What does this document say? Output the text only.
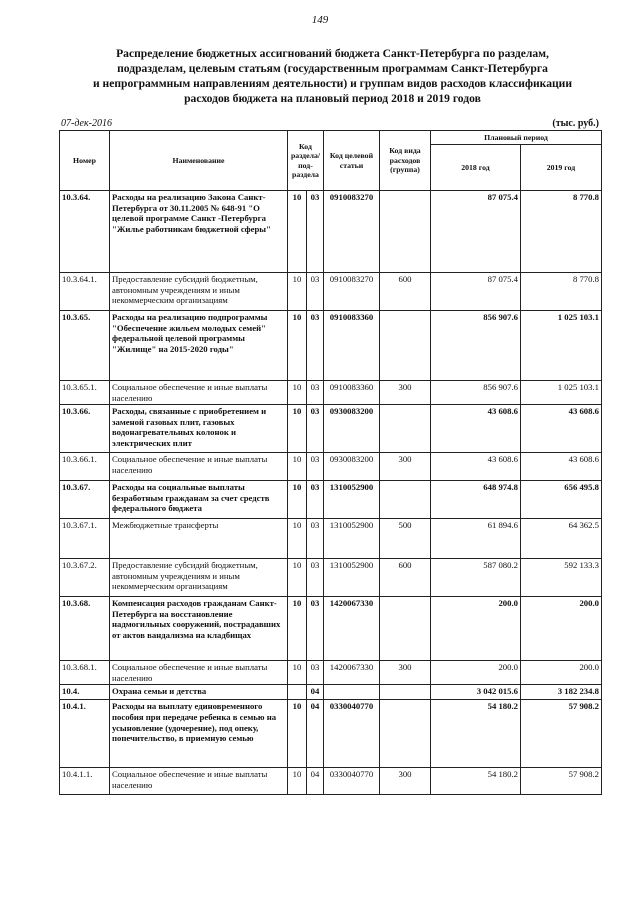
149
Распределение бюджетных ассигнований бюджета Санкт-Петербурга по разделам,
подразделам, целевым статьям (государственным программам Санкт-Петербурга
и непрограммным направлениям деятельности) и группам видов расходов классификации
расходов бюджета на плановый период 2018 и 2019 годов
07-дек-2016	(тыс. руб.)
Номер	Наименование	Код раздела/ под-раздела		Код целевой статьи	Код вида расходов (группа)	Плановый период	
						2018 год	2019 год
10.3.64.	Расходы на реализацию Закона Санкт-Петербурга от 30.11.2005 № 648-91 "О целевой программе Санкт -Петербурга "Жилье работникам бюджетной сферы"	10	03	0910083270		87 075.4	8 770.8
10.3.64.1.	Предоставление субсидий бюджетным, автономным учреждениям и иным некоммерческим организациям	10	03	0910083270	600	87 075.4	8 770.8
10.3.65.	Расходы на реализацию подпрограммы "Обеспечение жильем молодых семей" федеральной целевой программы "Жилище" на 2015-2020 годы"	10	03	0910083360		856 907.6	1 025 103.1
10.3.65.1.	Социальное обеспечение и иные выплаты населению	10	03	0910083360	300	856 907.6	1 025 103.1
10.3.66.	Расходы, связанные с приобретением и заменой газовых плит, газовых водонагревательных колонок и электрических плит	10	03	0930083200		43 608.6	43 608.6
10.3.66.1.	Социальное обеспечение и иные выплаты населению	10	03	0930083200	300	43 608.6	43 608.6
10.3.67.	Расходы на социальные выплаты безработным гражданам за счет средств федерального бюджета	10	03	1310052900		648 974.8	656 495.8
10.3.67.1.	Межбюджетные трансферты	10	03	1310052900	500	61 894.6	64 362.5
10.3.67.2.	Предоставление субсидий бюджетным, автономным учреждениям и иным некоммерческим организациям	10	03	1310052900	600	587 080.2	592 133.3
10.3.68.	Компенсация расходов гражданам Санкт-Петербурга на восстановление надмогильных сооружений, пострадавших от актов вандализма на кладбищах	10	03	1420067330		200.0	200.0
10.3.68.1.	Социальное обеспечение и иные выплаты населению	10	03	1420067330	300	200.0	200.0
10.4.	Охрана семьи и детства		04			3 042 015.6	3 182 234.8
10.4.1.	Расходы на выплату единовременного пособия при передаче ребенка в семью на усыновление (удочерение), под опеку, попечительство, в приемную семью	10	04	0330040770		54 180.2	57 908.2
10.4.1.1.	Социальное обеспечение и иные выплаты населению	10	04	0330040770	300	54 180.2	57 908.2
